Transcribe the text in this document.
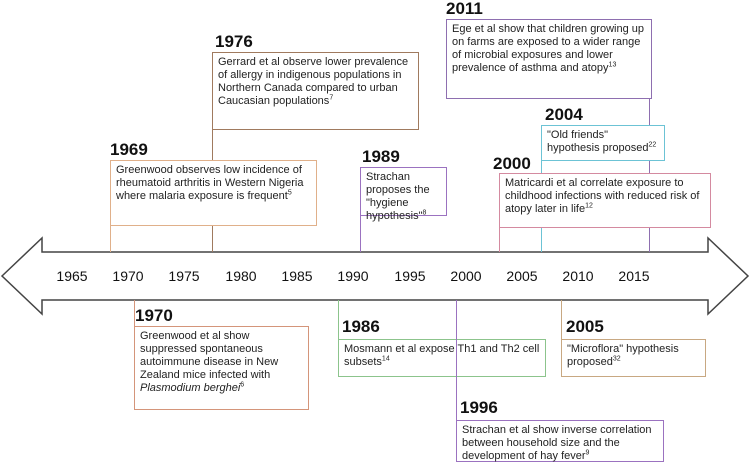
1965 1970 1975 1980 1985 1990 1995 2000 2005 2010 2015
2011
Ege et al show that children growing up on farms are exposed to a wider range of microbial exposures and lower prevalence of asthma and atopy$^{13}$
1976
Gerrard et al observe lower prevalence of allergy in indigenous populations in Northern Canada compared to urban Caucasian populations$^7$
2004
"Old friends" hypothesis proposed$^{22}$
1969
Greenwood observes low incidence of rheumatoid arthritis in Western Nigeria where malaria exposure is frequent$^5$
1989
Strachan proposes the "hygiene hypothesis"$^8$
2000
Matricardi et al correlate exposure to childhood infections with reduced risk of atopy later in life$^{12}$
1970
Greenwood et al show suppressed spontaneous autoimmune disease in New Zealand mice infected with Plasmodium berghei$^6$
1986
Mosmann et al expose Th1 and Th2 cell subsets$^{14}$
2005
"Microflora" hypothesis proposed$^{32}$
1996
Strachan et al show inverse correlation between household size and the development of hay fever$^9$
